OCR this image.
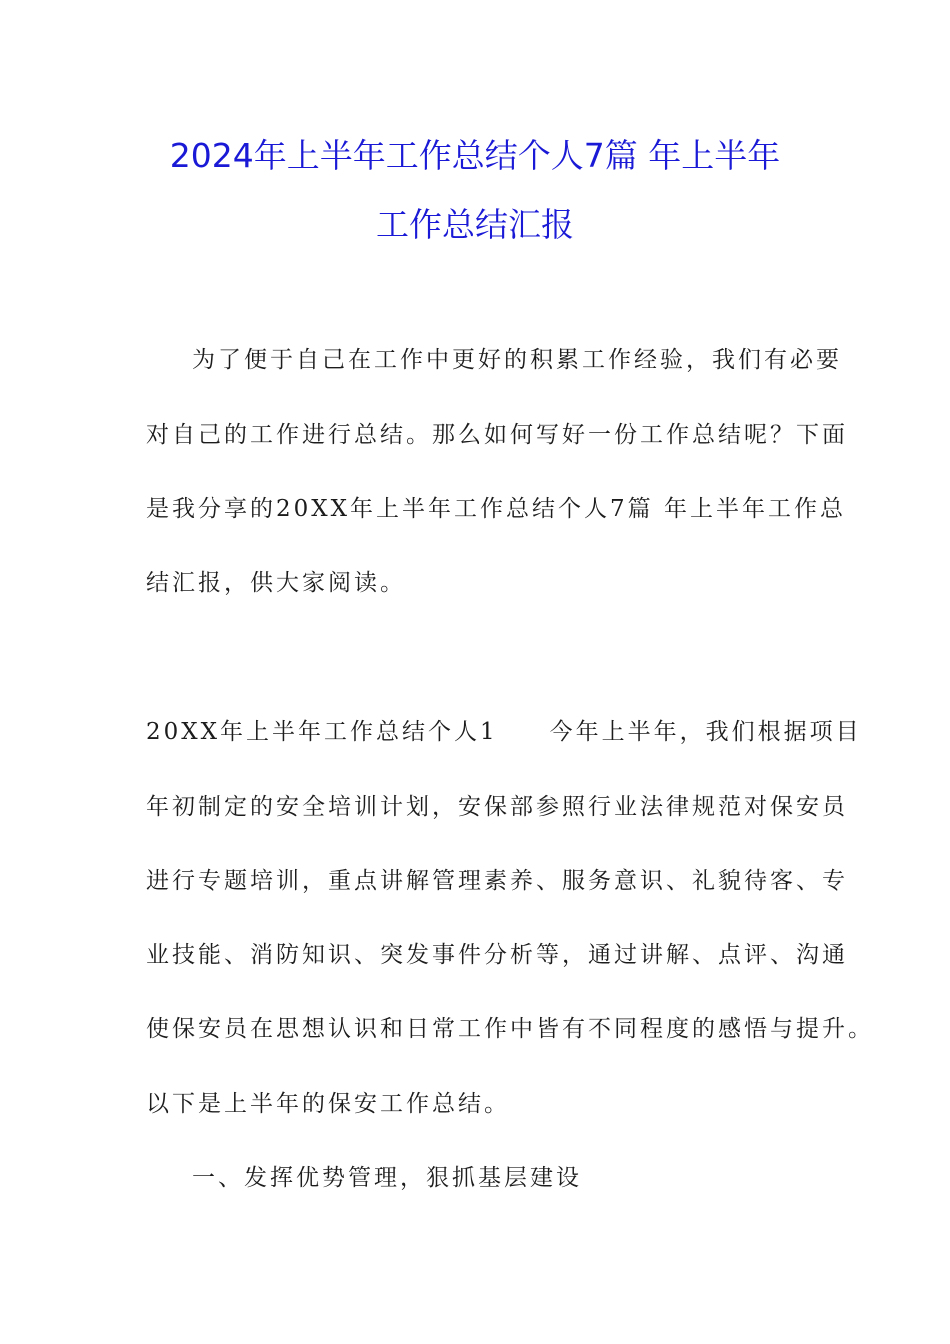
2024年上半年工作总结个人7篇 年上半年
工作总结汇报
为了便于自己在工作中更好的积累工作经验，我们有必要
对自己的工作进行总结。那么如何写好一份工作总结呢？下面
是我分享的20XX年上半年工作总结个人7篇 年上半年工作总
结汇报，供大家阅读。
20XX年上半年工作总结个人1　　今年上半年，我们根据项目
年初制定的安全培训计划，安保部参照行业法律规范对保安员
进行专题培训，重点讲解管理素养、服务意识、礼貌待客、专
业技能、消防知识、突发事件分析等，通过讲解、点评、沟通
使保安员在思想认识和日常工作中皆有不同程度的感悟与提升。
以下是上半年的保安工作总结。
一、发挥优势管理，狠抓基层建设
